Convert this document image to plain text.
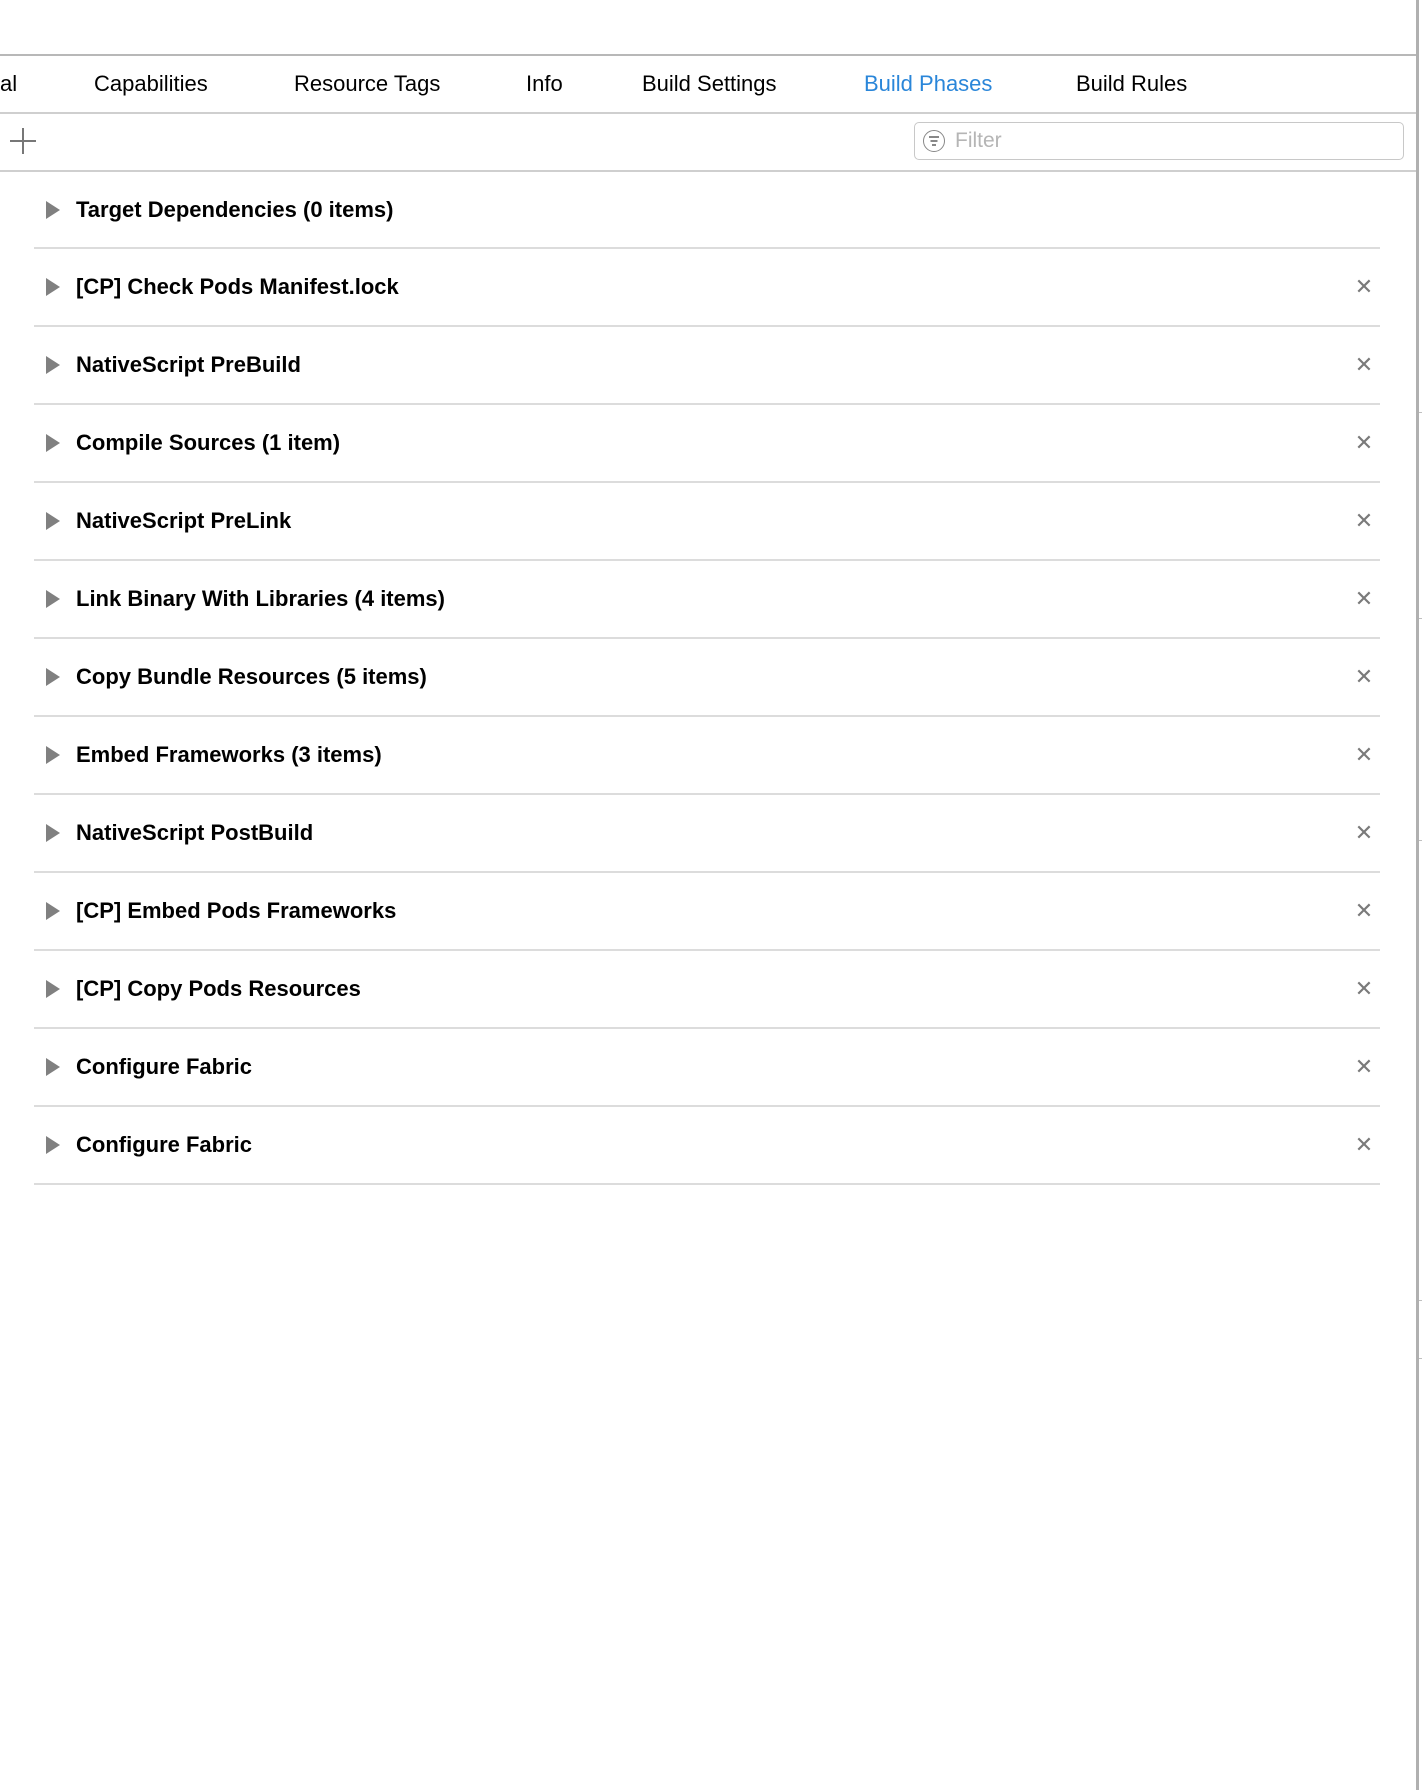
al	Capabilities	Resource Tags	Info	Build Settings	Build Phases	Build Rules
Filter
Target Dependencies (0 items)
[CP] Check Pods Manifest.lock	✕
NativeScript PreBuild	✕
Compile Sources (1 item)	✕
NativeScript PreLink	✕
Link Binary With Libraries (4 items)	✕
Copy Bundle Resources (5 items)	✕
Embed Frameworks (3 items)	✕
NativeScript PostBuild	✕
[CP] Embed Pods Frameworks	✕
[CP] Copy Pods Resources	✕
Configure Fabric	✕
Configure Fabric	✕
